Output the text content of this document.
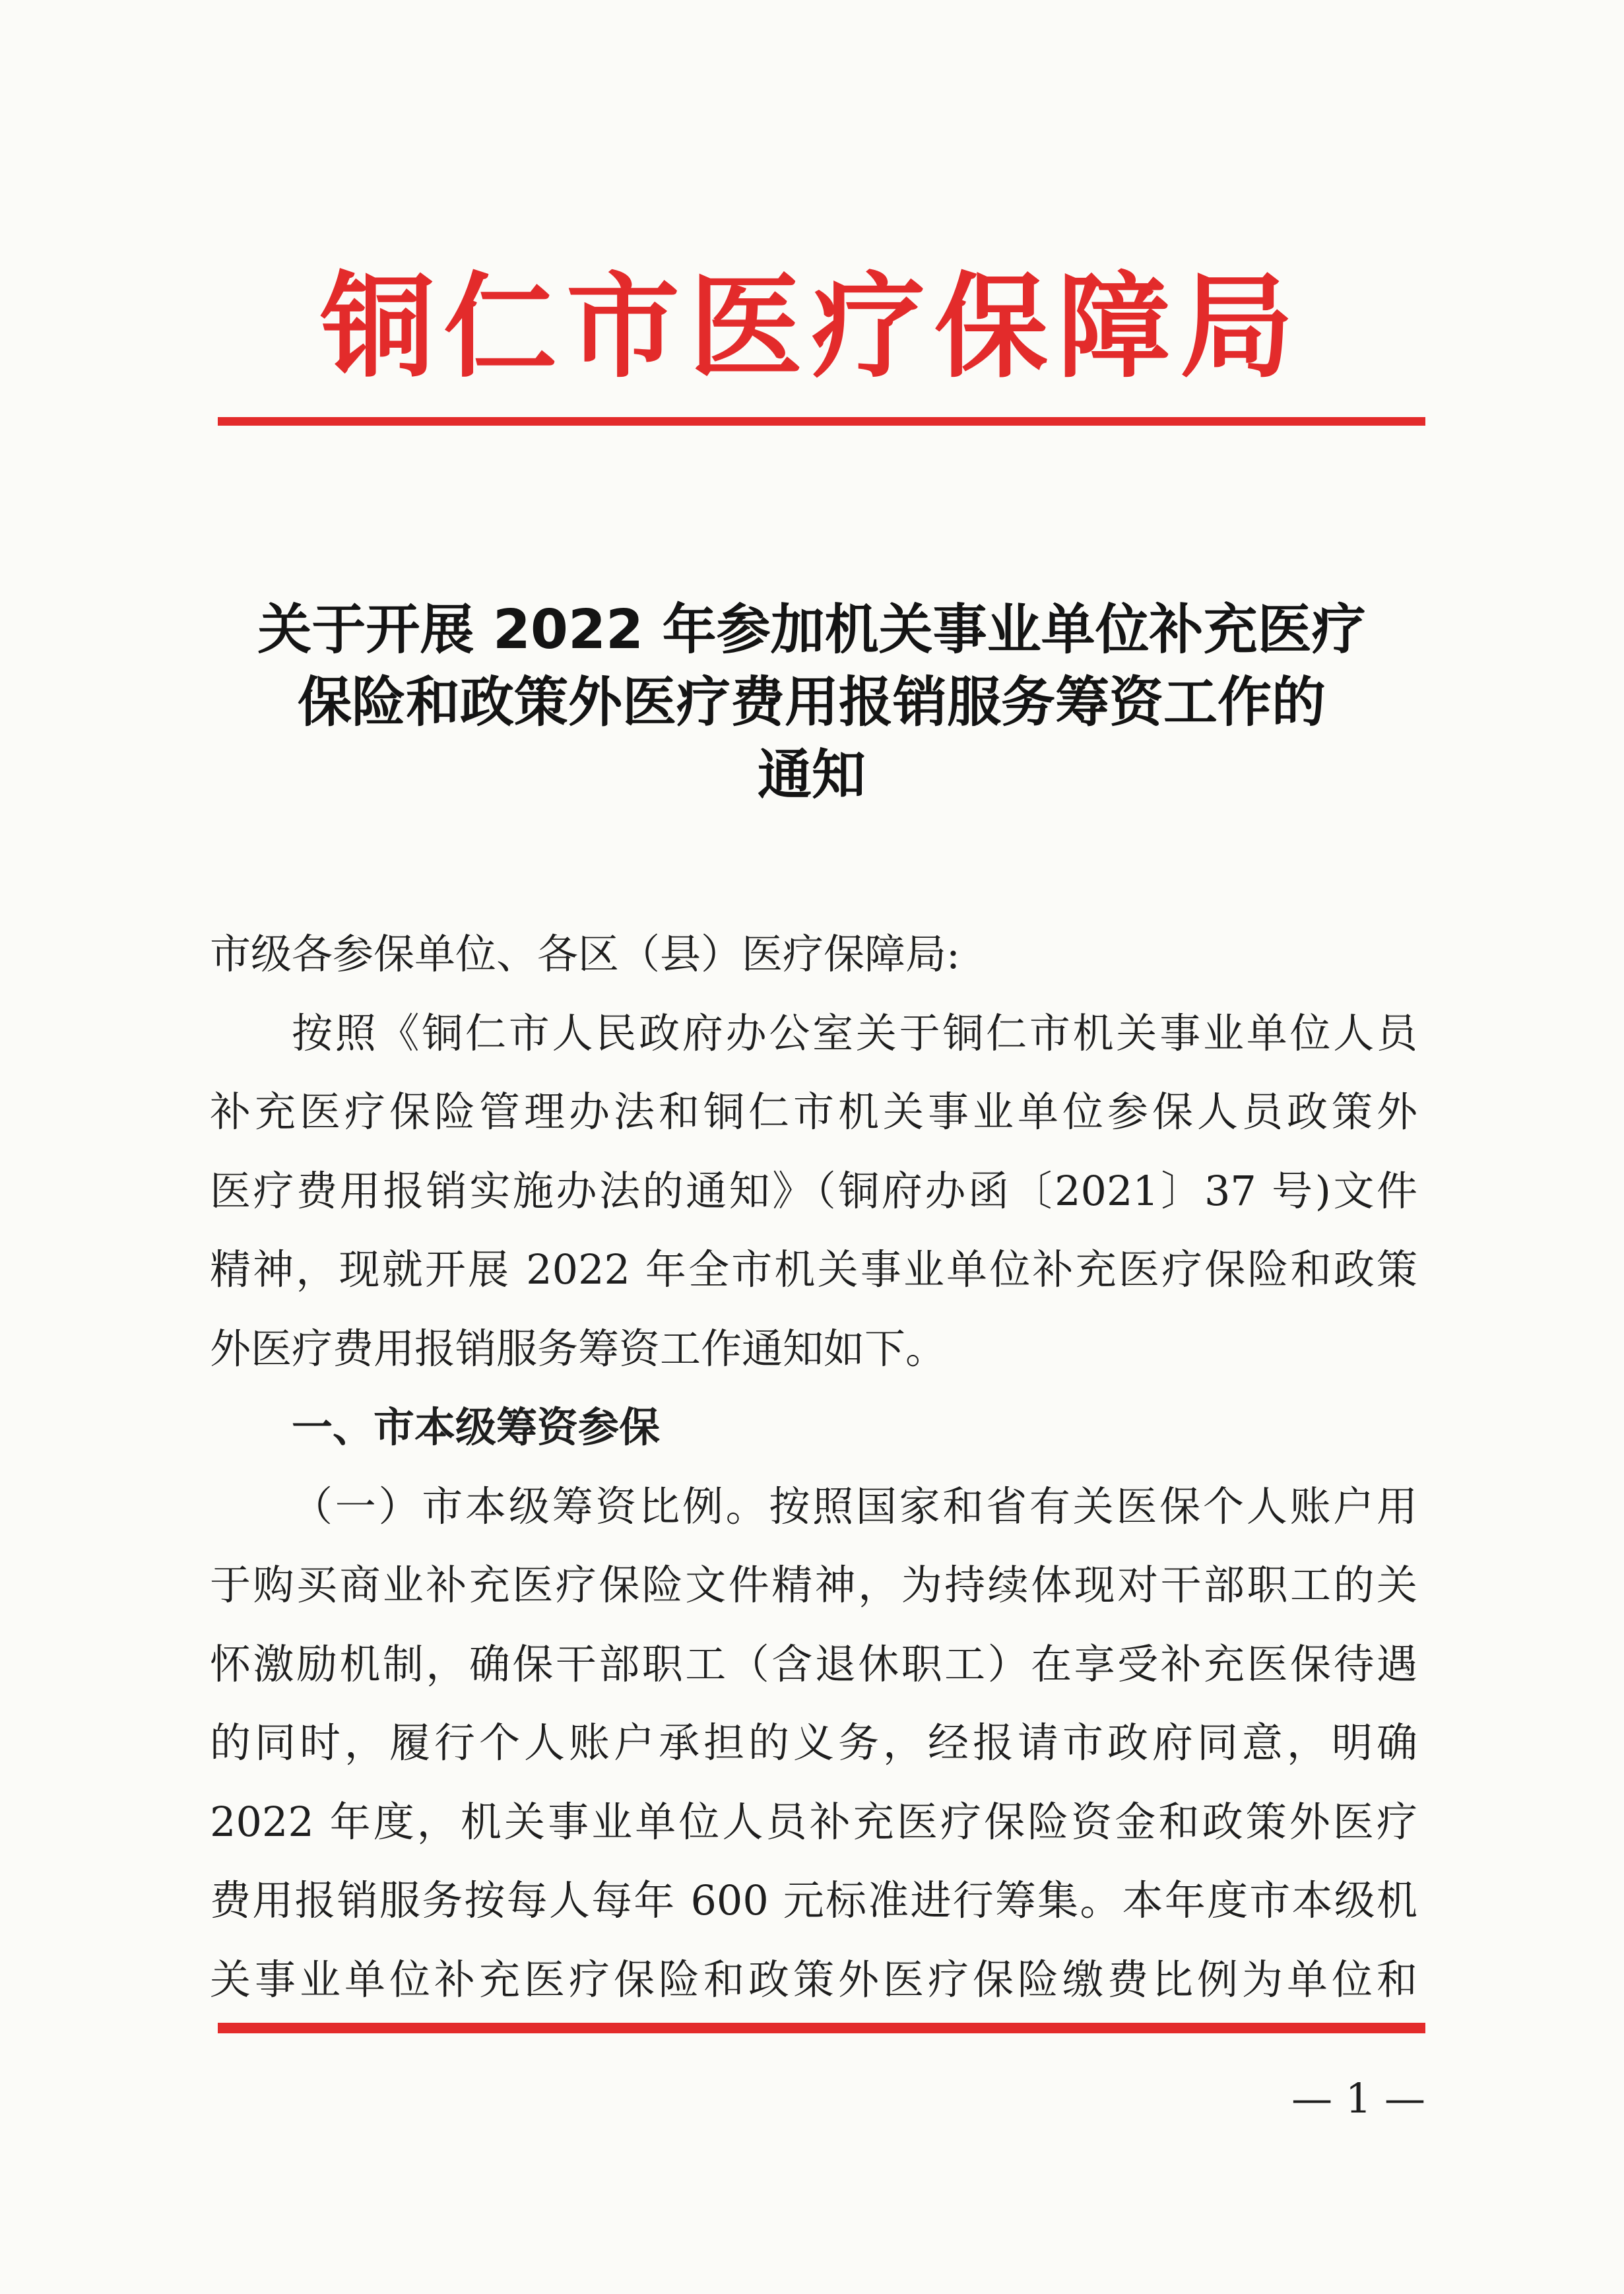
铜仁市医疗保障局
关于开展 2022 年参加机关事业单位补充医疗
保险和政策外医疗费用报销服务筹资工作的
通知
市级各参保单位、各区（县）医疗保障局:
按照《铜仁市人民政府办公室关于铜仁市机关事业单位人员
补充医疗保险管理办法和铜仁市机关事业单位参保人员政策外
医疗费用报销实施办法的通知》（铜府办函〔2021〕37 号)文件
精神，现就开展 2022 年全市机关事业单位补充医疗保险和政策
外医疗费用报销服务筹资工作通知如下。
一、市本级筹资参保
（一）市本级筹资比例。按照国家和省有关医保个人账户用
于购买商业补充医疗保险文件精神，为持续体现对干部职工的关
怀激励机制，确保干部职工（含退休职工）在享受补充医保待遇
的同时，履行个人账户承担的义务，经报请市政府同意，明确
2022 年度，机关事业单位人员补充医疗保险资金和政策外医疗
费用报销服务按每人每年 600 元标准进行筹集。本年度市本级机
关事业单位补充医疗保险和政策外医疗保险缴费比例为单位和
— 1 —
